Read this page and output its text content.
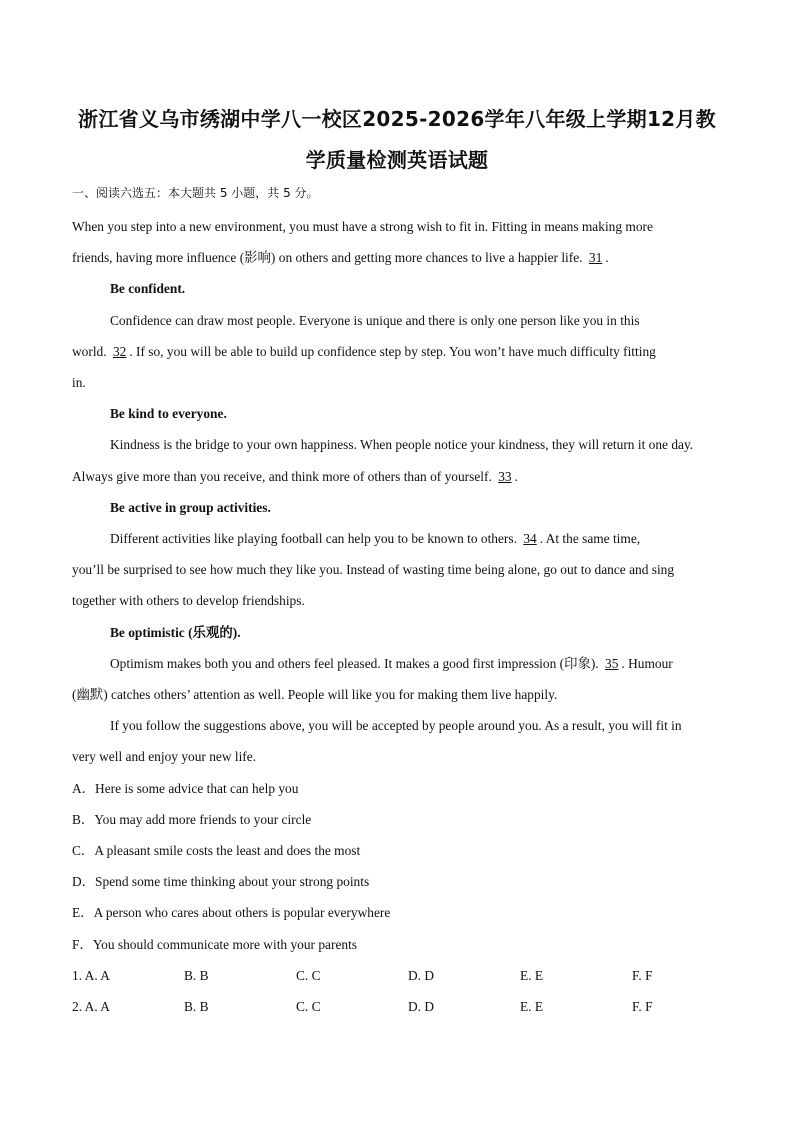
浙江省义乌市绣湖中学八一校区2025-2026学年八年级上学期12月教
学质量检测英语试题
一、阅读六选五：本大题共 5 小题，共 5 分。
When you step into a new environment, you must have a strong wish to fit in. Fitting in means making more
friends, having more influence (影响) on others and getting more chances to live a happier life. 31 .
Be confident.
Confidence can draw most people. Everyone is unique and there is only one person like you in this
world. 32 . If so, you will be able to build up confidence step by step. You won’t have much difficulty fitting
in.
Be kind to everyone.
Kindness is the bridge to your own happiness. When people notice your kindness, they will return it one day.
Always give more than you receive, and think more of others than of yourself. 33 .
Be active in group activities.
Different activities like playing football can help you to be known to others. 34 . At the same time,
you’ll be surprised to see how much they like you. Instead of wasting time being alone, go out to dance and sing
together with others to develop friendships.
Be optimistic (乐观的).
Optimism makes both you and others feel pleased. It makes a good first impression (印象). 35 . Humour
(幽默) catches others’ attention as well. People will like you for making them live happily.
If you follow the suggestions above, you will be accepted by people around you. As a result, you will fit in
very well and enjoy your new life.
A．Here is some advice that can help you
B．You may add more friends to your circle
C．A pleasant smile costs the least and does the most
D．Spend some time thinking about your strong points
E．A person who cares about others is popular everywhere
F．You should communicate more with your parents
1. A. A	B. B	C. C	D. D	E. E	F. F
2. A. A	B. B	C. C	D. D	E. E	F. F
